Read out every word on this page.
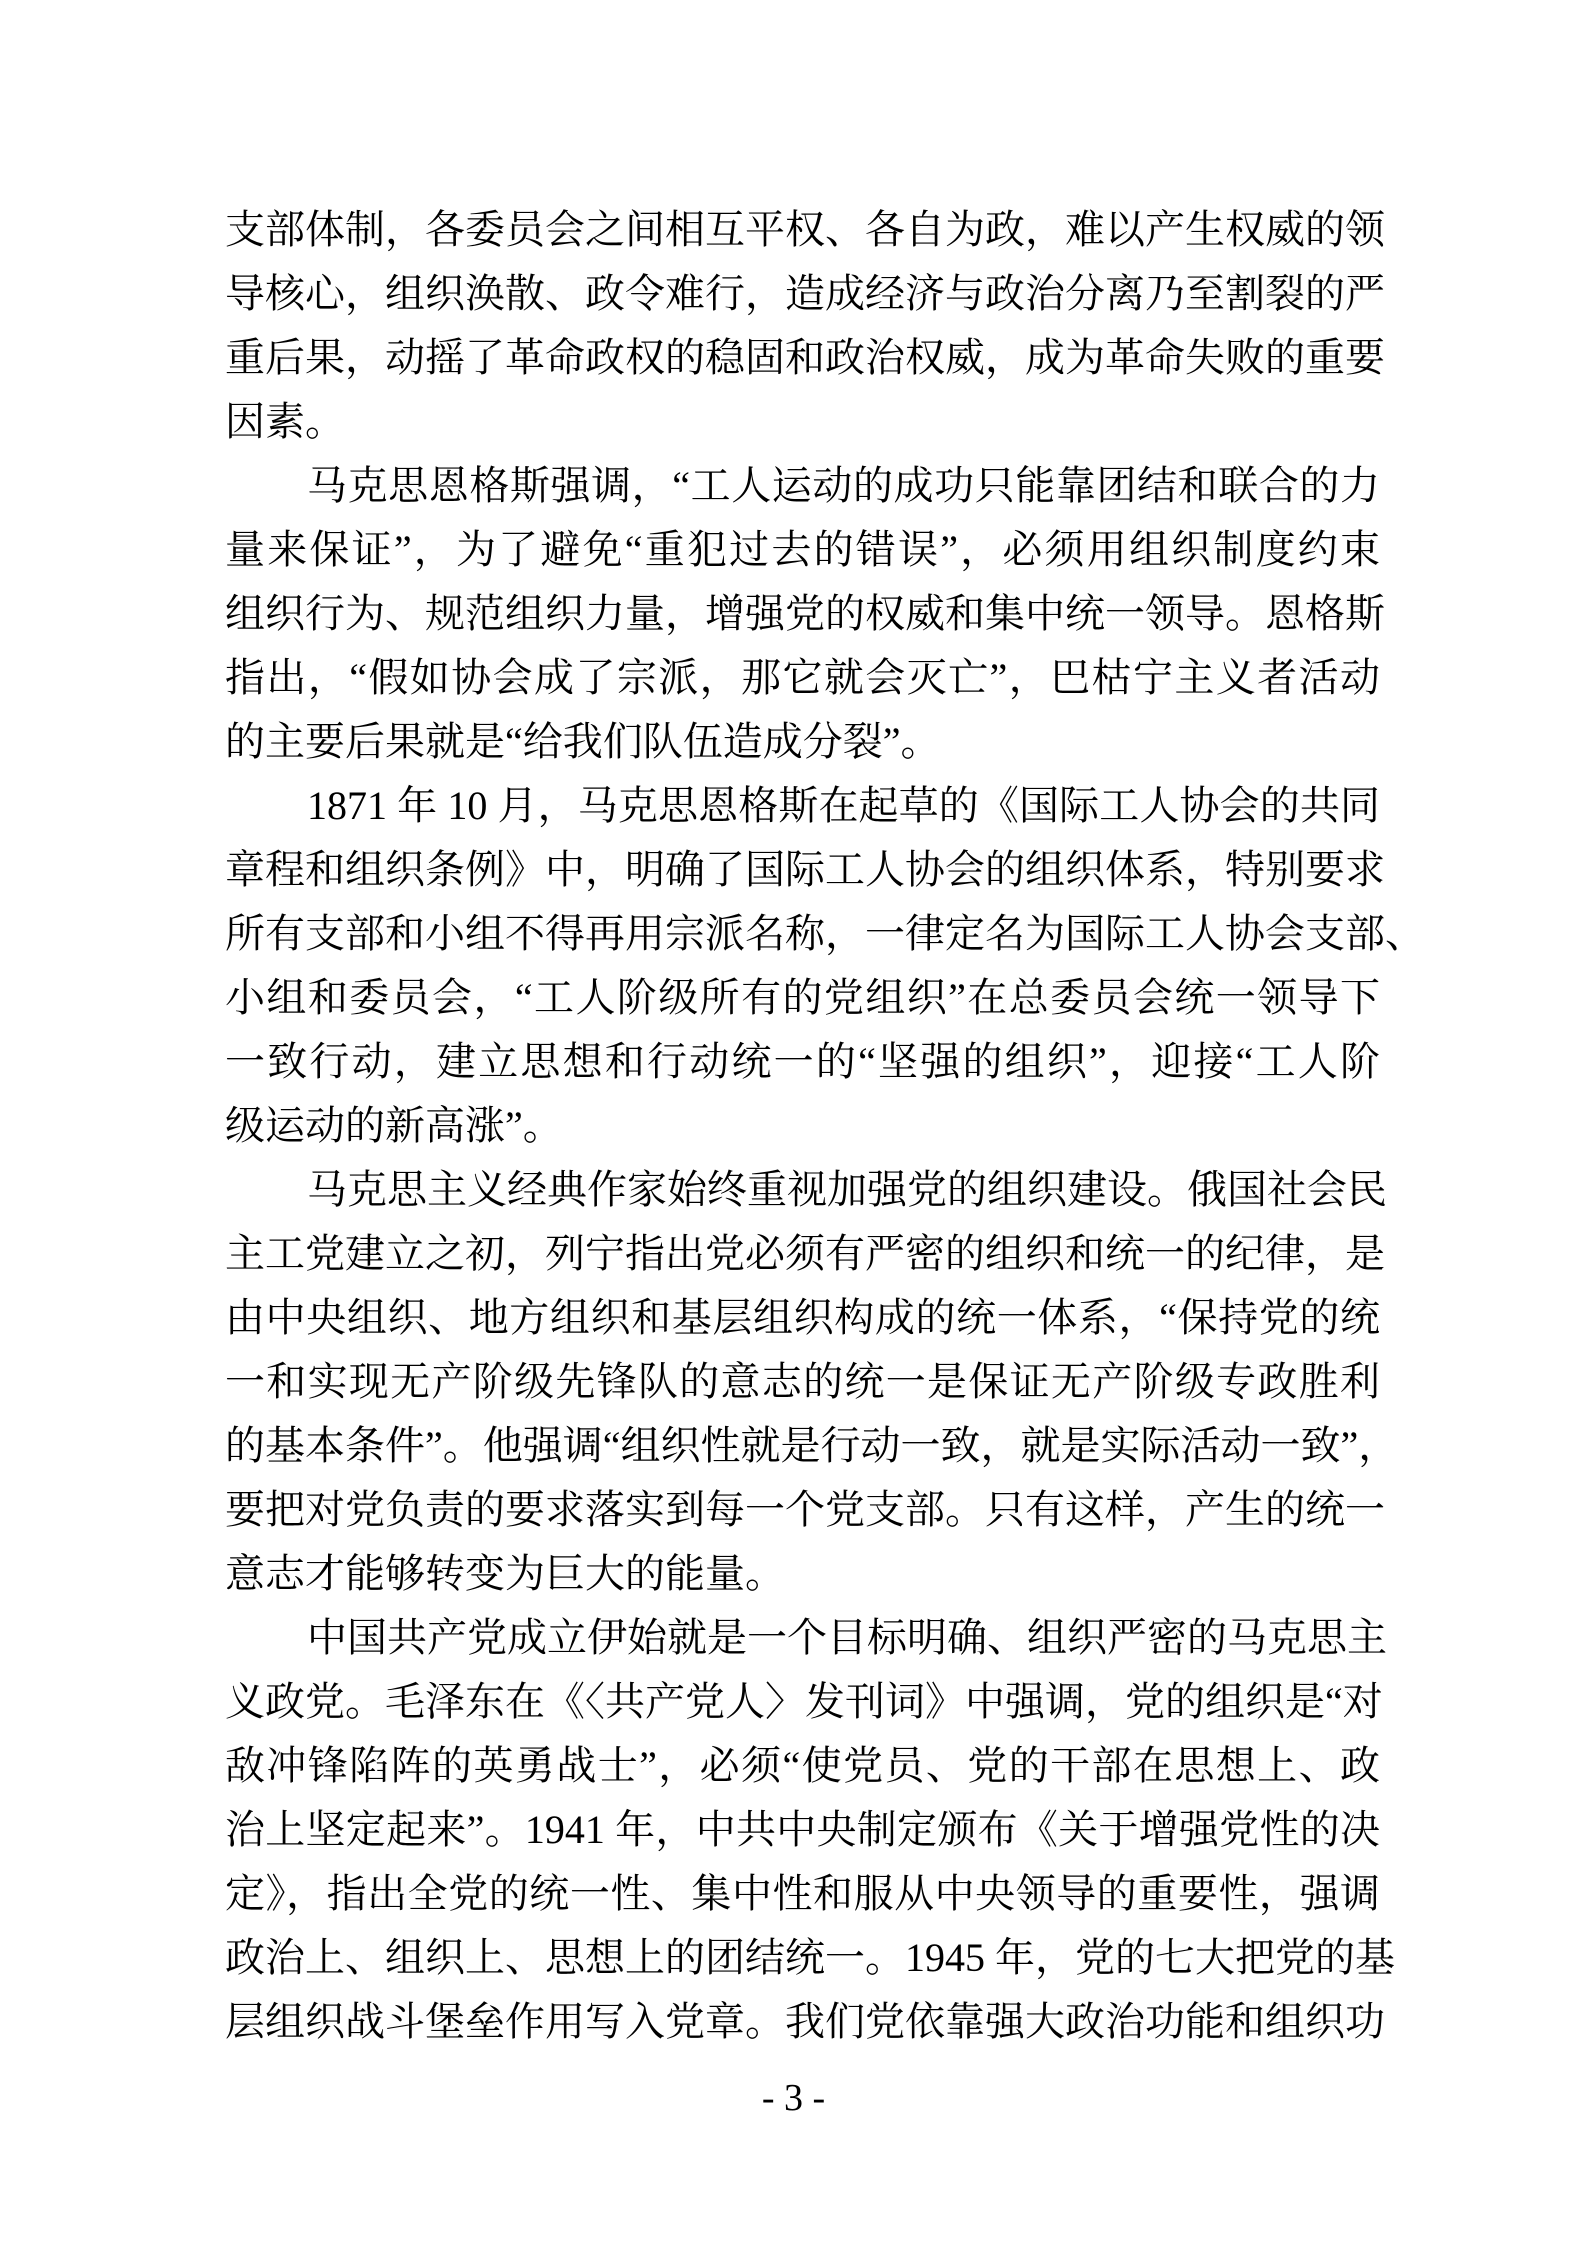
支部体制，各委员会之间相互平权、各自为政，难以产生权威的领
导核心，组织涣散、政令难行，造成经济与政治分离乃至割裂的严
重后果，动摇了革命政权的稳固和政治权威，成为革命失败的重要
因素。
马克思恩格斯强调，“工人运动的成功只能靠团结和联合的力
量来保证”，为了避免“重犯过去的错误”，必须用组织制度约束
组织行为、规范组织力量，增强党的权威和集中统一领导。恩格斯
指出，“假如协会成了宗派，那它就会灭亡”，巴枯宁主义者活动
的主要后果就是“给我们队伍造成分裂”。
1871 年 10 月，马克思恩格斯在起草的《国际工人协会的共同
章程和组织条例》中，明确了国际工人协会的组织体系，特别要求
所有支部和小组不得再用宗派名称，一律定名为国际工人协会支部、
小组和委员会，“工人阶级所有的党组织”在总委员会统一领导下
一致行动，建立思想和行动统一的“坚强的组织”，迎接“工人阶
级运动的新高涨”。
马克思主义经典作家始终重视加强党的组织建设。俄国社会民
主工党建立之初，列宁指出党必须有严密的组织和统一的纪律，是
由中央组织、地方组织和基层组织构成的统一体系，“保持党的统
一和实现无产阶级先锋队的意志的统一是保证无产阶级专政胜利
的基本条件”。他强调“组织性就是行动一致，就是实际活动一致”，
要把对党负责的要求落实到每一个党支部。只有这样，产生的统一
意志才能够转变为巨大的能量。
中国共产党成立伊始就是一个目标明确、组织严密的马克思主
义政党。毛泽东在《〈共产党人〉发刊词》中强调，党的组织是“对
敌冲锋陷阵的英勇战士”，必须“使党员、党的干部在思想上、政
治上坚定起来”。1941 年，中共中央制定颁布《关于增强党性的决
定》，指出全党的统一性、集中性和服从中央领导的重要性，强调
政治上、组织上、思想上的团结统一。1945 年，党的七大把党的基
层组织战斗堡垒作用写入党章。我们党依靠强大政治功能和组织功
- 3 -
